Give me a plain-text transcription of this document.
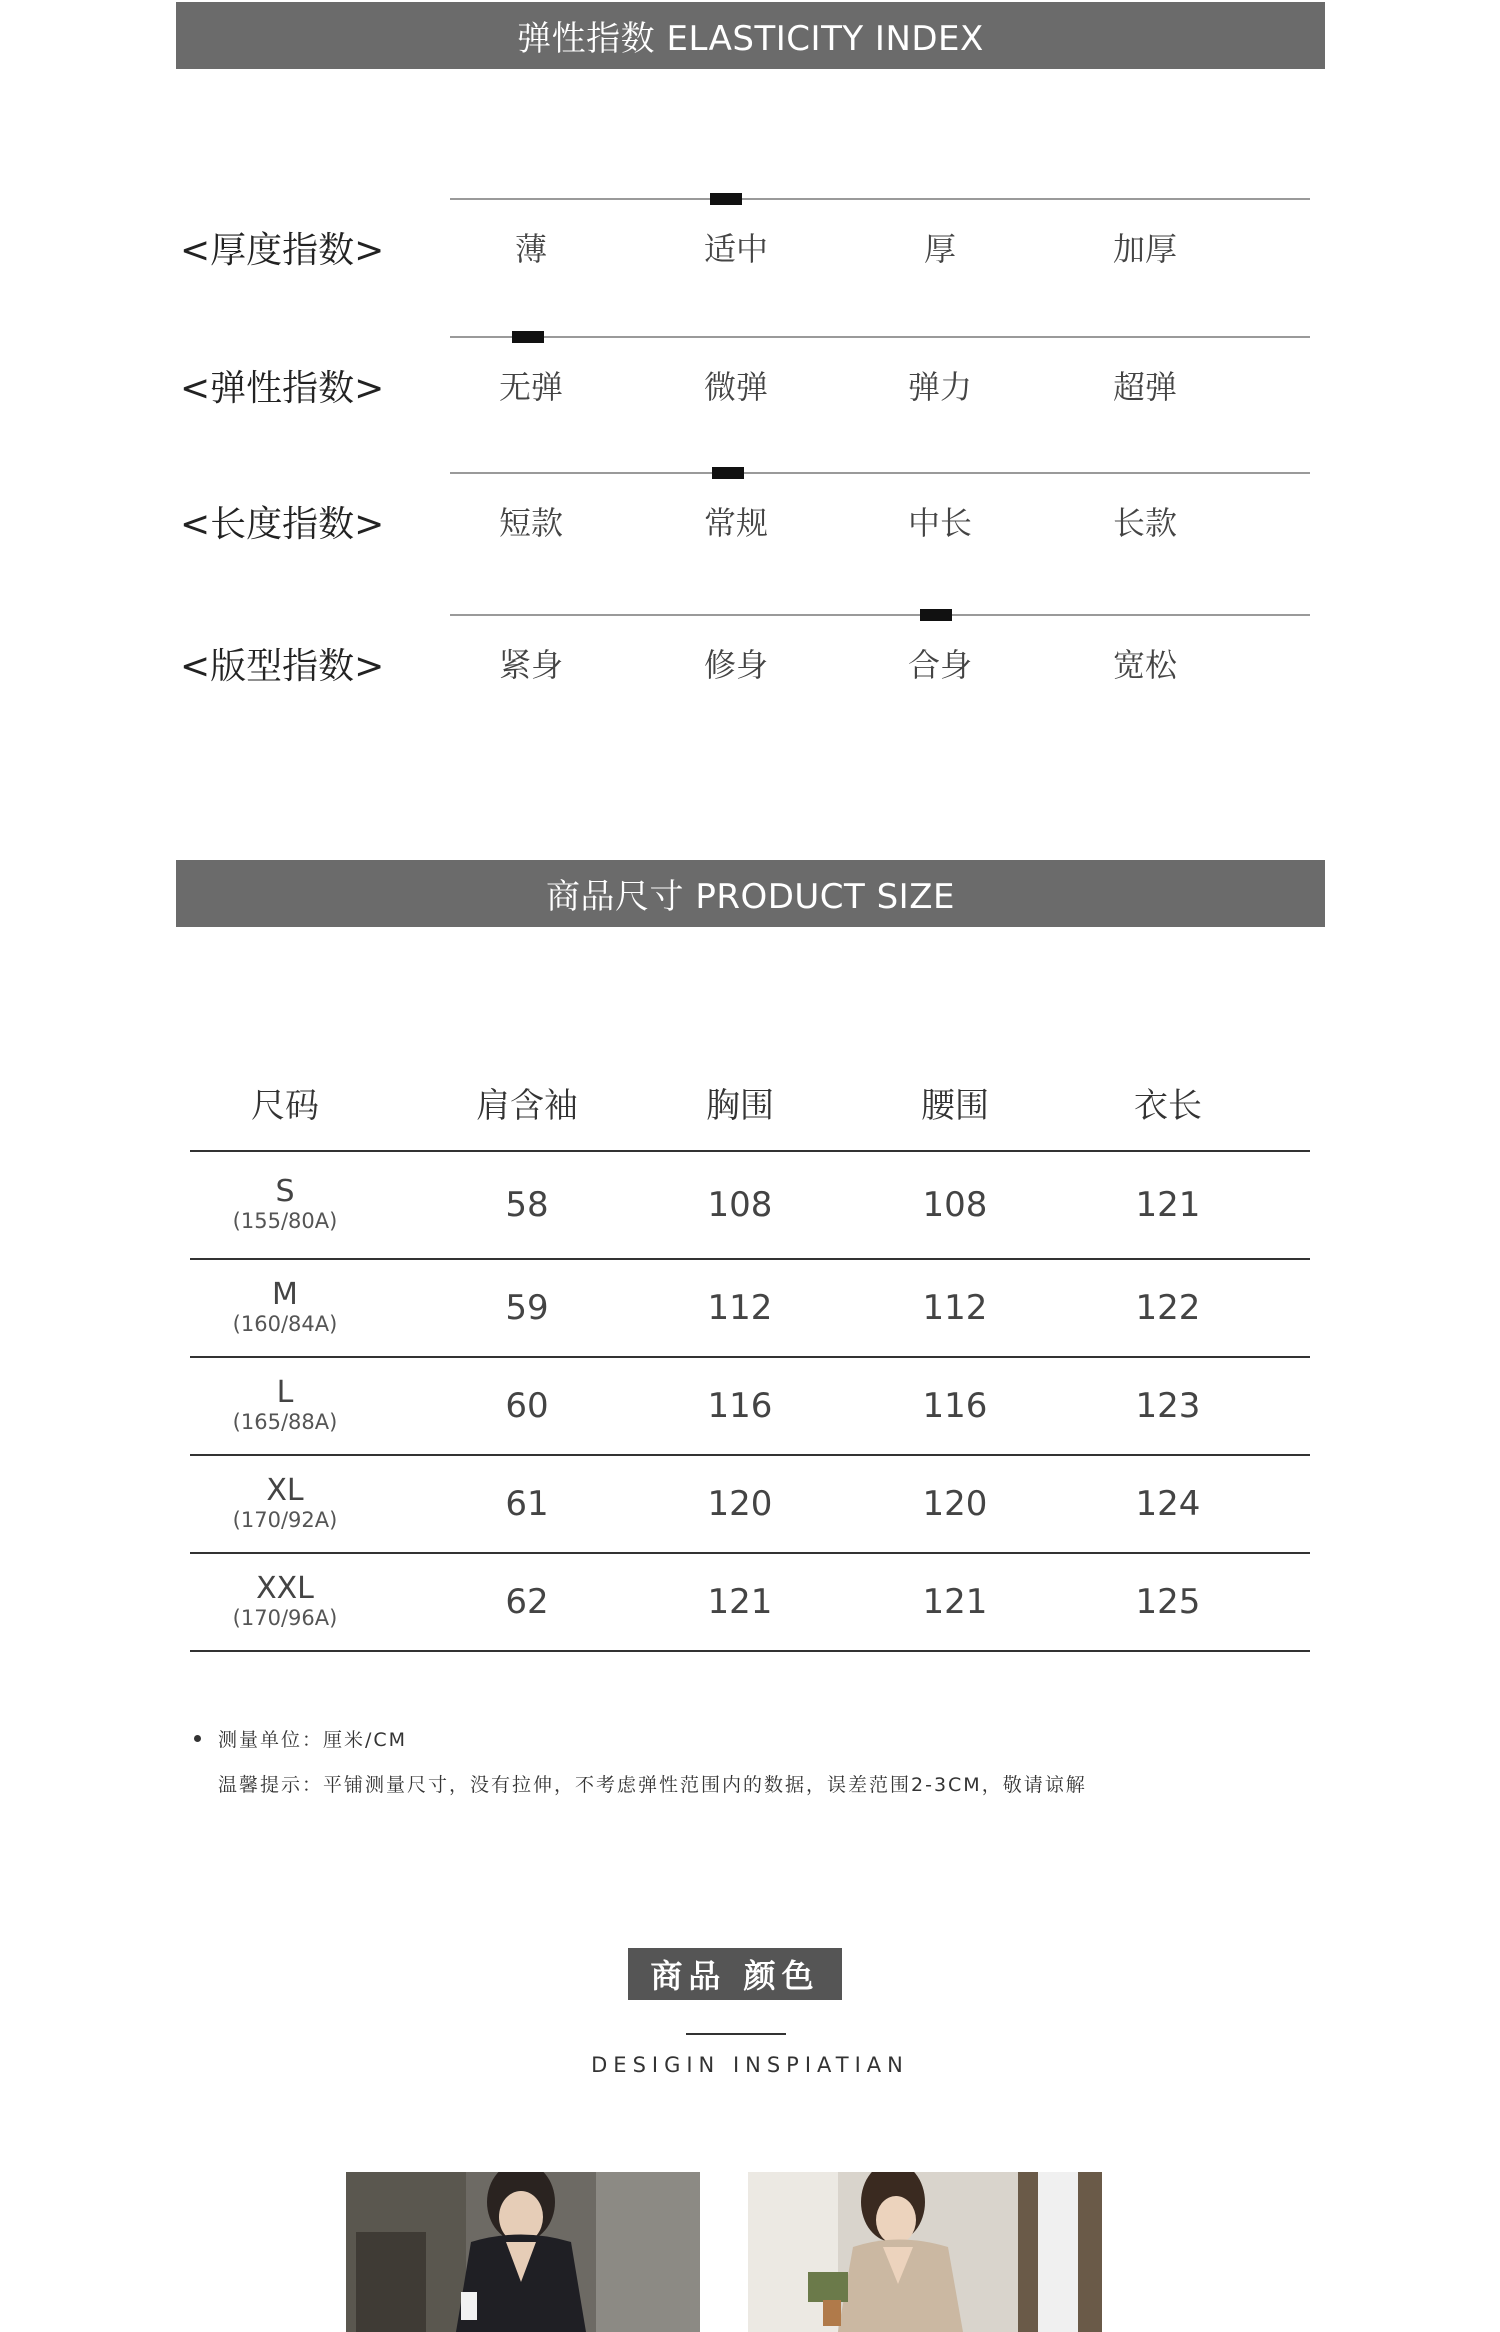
弹性指数 ELASTICITY INDEX
<厚度指数>	薄	适中	厚	加厚
<弹性指数>	无弹	微弹	弹力	超弹
<长度指数>	短款	常规	中长	长款
<版型指数>	紧身	修身	合身	宽松
商品尺寸 PRODUCT SIZE
尺码	肩含袖	胸围	腰围	衣长
S
(155/80A)	58	108	108	121
M
(160/84A)	59	112	112	122
L
(165/88A)	60	116	116	123
XL
(170/92A)	61	120	120	124
XXL
(170/96A)	62	121	121	125
测量单位：厘米/CM
温馨提示：平铺测量尺寸，没有拉伸，不考虑弹性范围内的数据，误差范围2-3CM，敬请谅解
商品 颜色
DESIGIN INSPIATIAN
